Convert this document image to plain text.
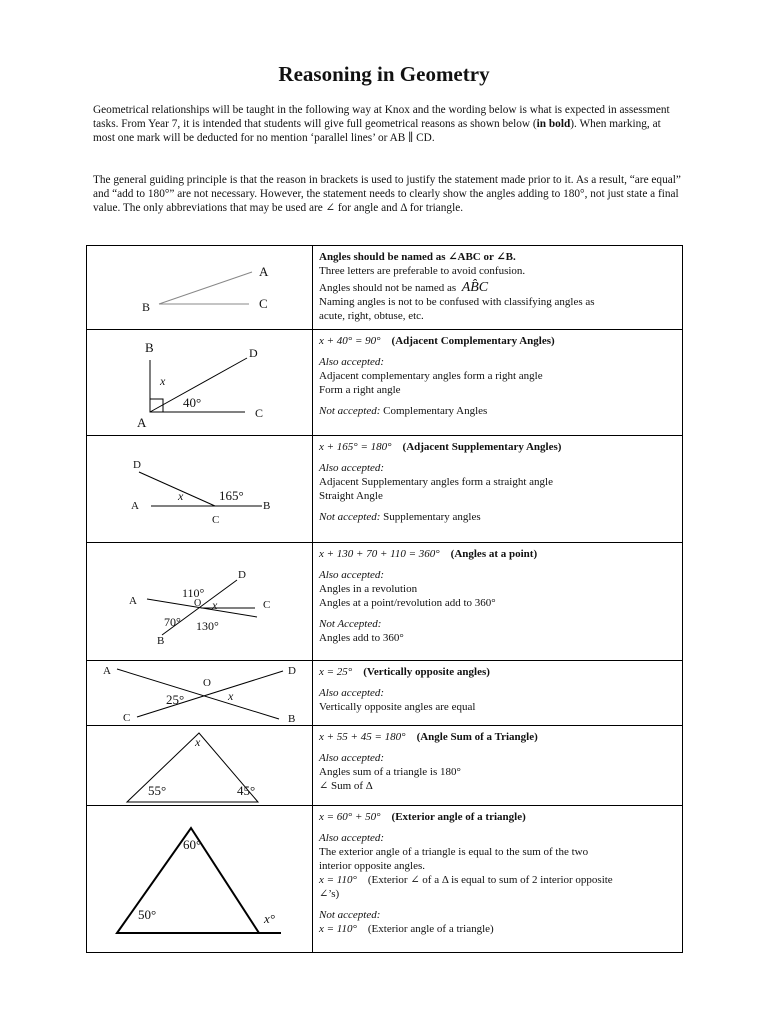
Reasoning in Geometry
Geometrical relationships will be taught in the following way at Knox and the wording below is what is expected in assessment tasks. From Year 7, it is intended that students will give full geometrical reasons as shown below (in bold). When marking, at most one mark will be deducted for no mention ‘parallel lines’ or AB ∥ CD.
The general guiding principle is that the reason in brackets is used to justify the statement made prior to it. As a result, “are equal” and “add to 180°” are not necessary. However, the statement needs to clearly show the angles adding to 180°, not just state a final value. The only abbreviations that may be used are ∠ for angle and Δ for triangle.
A
B	C
Angles should be named as ∠ABC or ∠B.
Three letters are preferable to avoid confusion.
Angles should not be named as AB̂C
Naming angles is not to be confused with classifying angles as
acute, right, obtuse, etc.
B	D
A
C
x
40°
x + 40° = 90° (Adjacent Complementary Angles)
Also accepted:
Adjacent complementary angles form a right angle
Form a right angle
Not accepted: Complementary Angles
D
A	B
C
x	165°
x + 165° = 180° (Adjacent Supplementary Angles)
Also accepted:
Adjacent Supplementary angles form a straight angle
Straight Angle
Not accepted: Supplementary angles
D
A	C
O
B
x
110°
70° 130°
x + 130 + 70 + 110 = 360° (Angles at a point)
Also accepted:
Angles in a revolution
Angles at a point/revolution add to 360°
Not Accepted:
Angles add to 360°
A	D
O
C	B
x
25°
x = 25° (Vertically opposite angles)
Also accepted:
Vertically opposite angles are equal
x
55°	45°
x + 55 + 45 = 180° (Angle Sum of a Triangle)
Also accepted:
Angles sum of a triangle is 180°
∠ Sum of Δ
60°
50°	x°
x = 60° + 50° (Exterior angle of a triangle)
Also accepted:
The exterior angle of a triangle is equal to the sum of the two
interior opposite angles.
x = 110° (Exterior ∠ of a Δ is equal to sum of 2 interior opposite
∠’s)
Not accepted:
x = 110° (Exterior angle of a triangle)
